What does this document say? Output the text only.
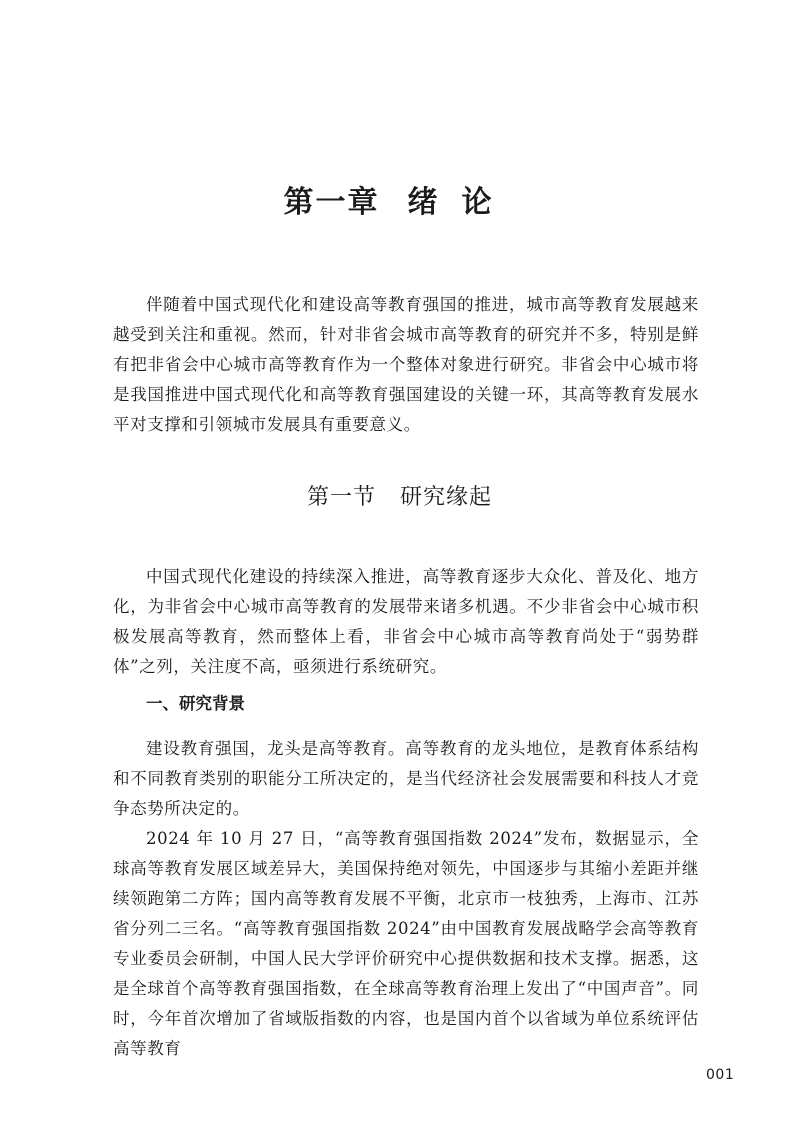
第一章 绪论

伴随着中国式现代化和建设高等教育强国的推进，城市高等教育发展越来越受到关注和重视。然而，针对非省会城市高等教育的研究并不多，特别是鲜有把非省会中心城市高等教育作为一个整体对象进行研究。非省会中心城市将是我国推进中国式现代化和高等教育强国建设的关键一环，其高等教育发展水平对支撑和引领城市发展具有重要意义。

第一节 研究缘起

中国式现代化建设的持续深入推进，高等教育逐步大众化、普及化、地方化，为非省会中心城市高等教育的发展带来诸多机遇。不少非省会中心城市积极发展高等教育，然而整体上看，非省会中心城市高等教育尚处于“弱势群体”之列，关注度不高，亟须进行系统研究。

一、研究背景

建设教育强国，龙头是高等教育。高等教育的龙头地位，是教育体系结构和不同教育类别的职能分工所决定的，是当代经济社会发展需要和科技人才竞争态势所决定的。

2024 年 10 月 27 日，“高等教育强国指数 2024”发布，数据显示，全球高等教育发展区域差异大，美国保持绝对领先，中国逐步与其缩小差距并继续领跑第二方阵；国内高等教育发展不平衡，北京市一枝独秀，上海市、江苏省分列二三名。“高等教育强国指数 2024”由中国教育发展战略学会高等教育专业委员会研制，中国人民大学评价研究中心提供数据和技术支撑。据悉，这是全球首个高等教育强国指数，在全球高等教育治理上发出了“中国声音”。同时，今年首次增加了省域版指数的内容，也是国内首个以省域为单位系统评估高等教育

001
